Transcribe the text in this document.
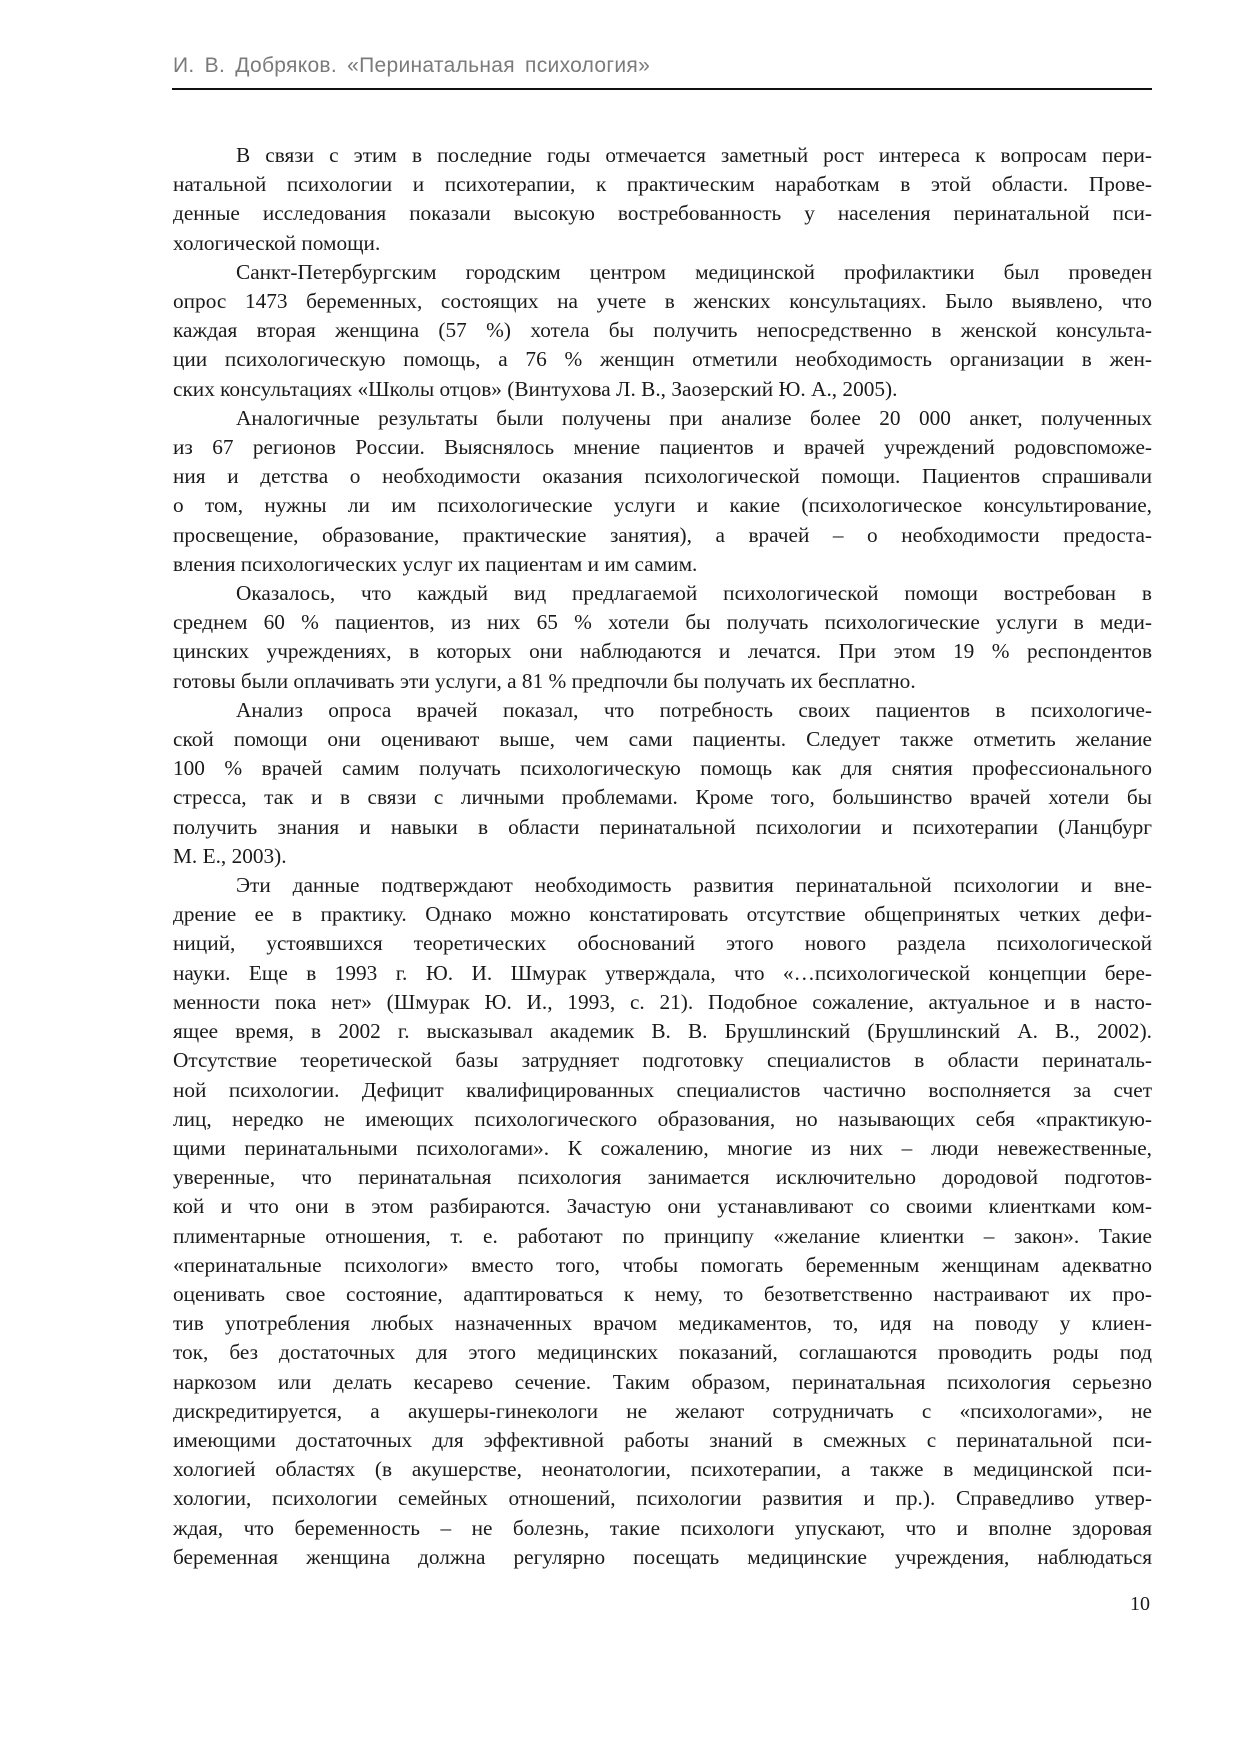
И. В. Добряков. «Перинатальная психология»
В связи с этим в последние годы отмечается заметный рост интереса к вопросам пери-
натальной психологии и психотерапии, к практическим наработкам в этой области. Прове-
денные исследования показали высокую востребованность у населения перинатальной пси-
хологической помощи.
Санкт-Петербургским городским центром медицинской профилактики был проведен
опрос 1473 беременных, состоящих на учете в женских консультациях. Было выявлено, что
каждая вторая женщина (57 %) хотела бы получить непосредственно в женской консульта-
ции психологическую помощь, а 76 % женщин отметили необходимость организации в жен-
ских консультациях «Школы отцов» (Винтухова Л. В., Заозерский Ю. А., 2005).
Аналогичные результаты были получены при анализе более 20 000 анкет, полученных
из 67 регионов России. Выяснялось мнение пациентов и врачей учреждений родовспоможе-
ния и детства о необходимости оказания психологической помощи. Пациентов спрашивали
о том, нужны ли им психологические услуги и какие (психологическое консультирование,
просвещение, образование, практические занятия), а врачей – о необходимости предоста-
вления психологических услуг их пациентам и им самим.
Оказалось, что каждый вид предлагаемой психологической помощи востребован в
среднем 60 % пациентов, из них 65 % хотели бы получать психологические услуги в меди-
цинских учреждениях, в которых они наблюдаются и лечатся. При этом 19 % респондентов
готовы были оплачивать эти услуги, а 81 % предпочли бы получать их бесплатно.
Анализ опроса врачей показал, что потребность своих пациентов в психологиче-
ской помощи они оценивают выше, чем сами пациенты. Следует также отметить желание
100 % врачей самим получать психологическую помощь как для снятия профессионального
стресса, так и в связи с личными проблемами. Кроме того, большинство врачей хотели бы
получить знания и навыки в области перинатальной психологии и психотерапии (Ланцбург
М. Е., 2003).
Эти данные подтверждают необходимость развития перинатальной психологии и вне-
дрение ее в практику. Однако можно констатировать отсутствие общепринятых четких дефи-
ниций, устоявшихся теоретических обоснований этого нового раздела психологической
науки. Еще в 1993 г. Ю. И. Шмурак утверждала, что «…психологической концепции бере-
менности пока нет» (Шмурак Ю. И., 1993, с. 21). Подобное сожаление, актуальное и в насто-
ящее время, в 2002 г. высказывал академик В. В. Брушлинский (Брушлинский А. В., 2002).
Отсутствие теоретической базы затрудняет подготовку специалистов в области перинаталь-
ной психологии. Дефицит квалифицированных специалистов частично восполняется за счет
лиц, нередко не имеющих психологического образования, но называющих себя «практикую-
щими перинатальными психологами». К сожалению, многие из них – люди невежественные,
уверенные, что перинатальная психология занимается исключительно дородовой подготов-
кой и что они в этом разбираются. Зачастую они устанавливают со своими клиентками ком-
плиментарные отношения, т. е. работают по принципу «желание клиентки – закон». Такие
«перинатальные психологи» вместо того, чтобы помогать беременным женщинам адекватно
оценивать свое состояние, адаптироваться к нему, то безответственно настраивают их про-
тив употребления любых назначенных врачом медикаментов, то, идя на поводу у клиен-
ток, без достаточных для этого медицинских показаний, соглашаются проводить роды под
наркозом или делать кесарево сечение. Таким образом, перинатальная психология серьезно
дискредитируется, а акушеры-гинекологи не желают сотрудничать с «психологами», не
имеющими достаточных для эффективной работы знаний в смежных с перинатальной пси-
хологией областях (в акушерстве, неонатологии, психотерапии, а также в медицинской пси-
хологии, психологии семейных отношений, психологии развития и пр.). Справедливо утвер-
ждая, что беременность – не болезнь, такие психологи упускают, что и вполне здоровая
беременная женщина должна регулярно посещать медицинские учреждения, наблюдаться
10
